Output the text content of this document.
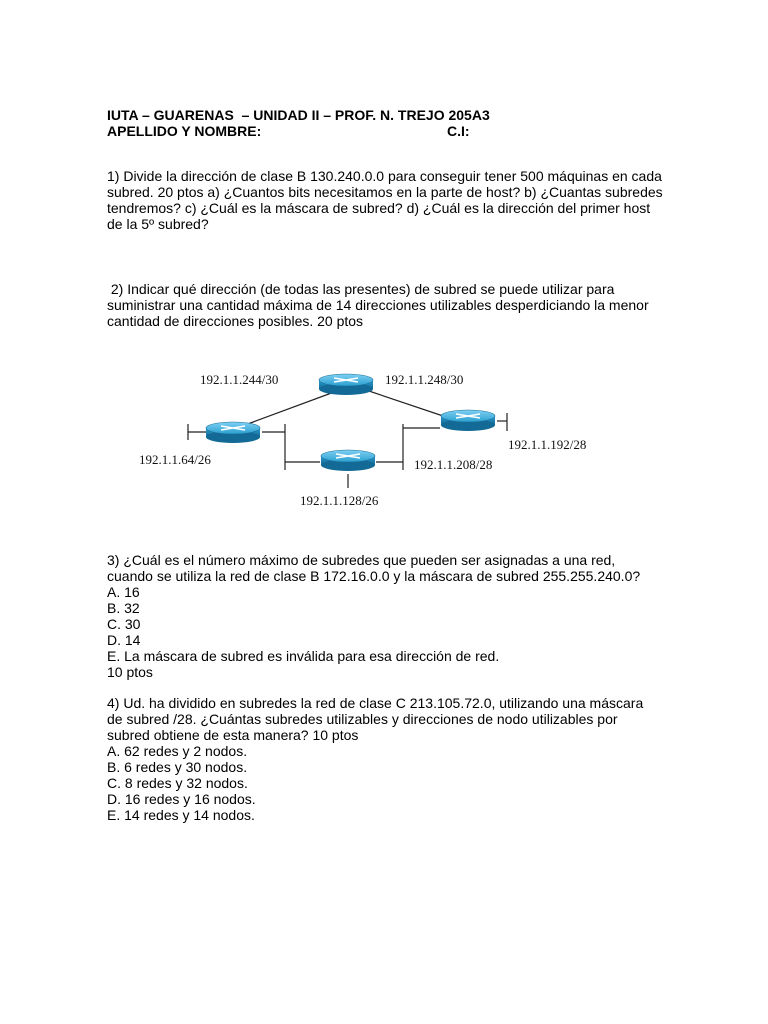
IUTA – GUARENAS  – UNIDAD II – PROF. N. TREJO 205A3
APELLIDO Y NOMBRE:	C.I:
1) Divide la dirección de clase B 130.240.0.0 para conseguir tener 500 máquinas en cada
subred. 20 ptos a) ¿Cuantos bits necesitamos en la parte de host? b) ¿Cuantas subredes
tendremos? c) ¿Cuál es la máscara de subred? d) ¿Cuál es la dirección del primer host
de la 5º subred?
2) Indicar qué dirección (de todas las presentes) de subred se puede utilizar para
suministrar una cantidad máxima de 14 direcciones utilizables desperdiciando la menor
cantidad de direcciones posibles. 20 ptos
192.1.1.244/30	192.1.1.248/30
192.1.1.192/28
192.1.1.64/26	192.1.1.208/28
192.1.1.128/26
3) ¿Cuál es el número máximo de subredes que pueden ser asignadas a una red,
cuando se utiliza la red de clase B 172.16.0.0 y la máscara de subred 255.255.240.0?
A. 16
B. 32
C. 30
D. 14
E. La máscara de subred es inválida para esa dirección de red.
10 ptos
4) Ud. ha dividido en subredes la red de clase C 213.105.72.0, utilizando una máscara
de subred /28. ¿Cuántas subredes utilizables y direcciones de nodo utilizables por
subred obtiene de esta manera? 10 ptos
A. 62 redes y 2 nodos.
B. 6 redes y 30 nodos.
C. 8 redes y 32 nodos.
D. 16 redes y 16 nodos.
E. 14 redes y 14 nodos.
